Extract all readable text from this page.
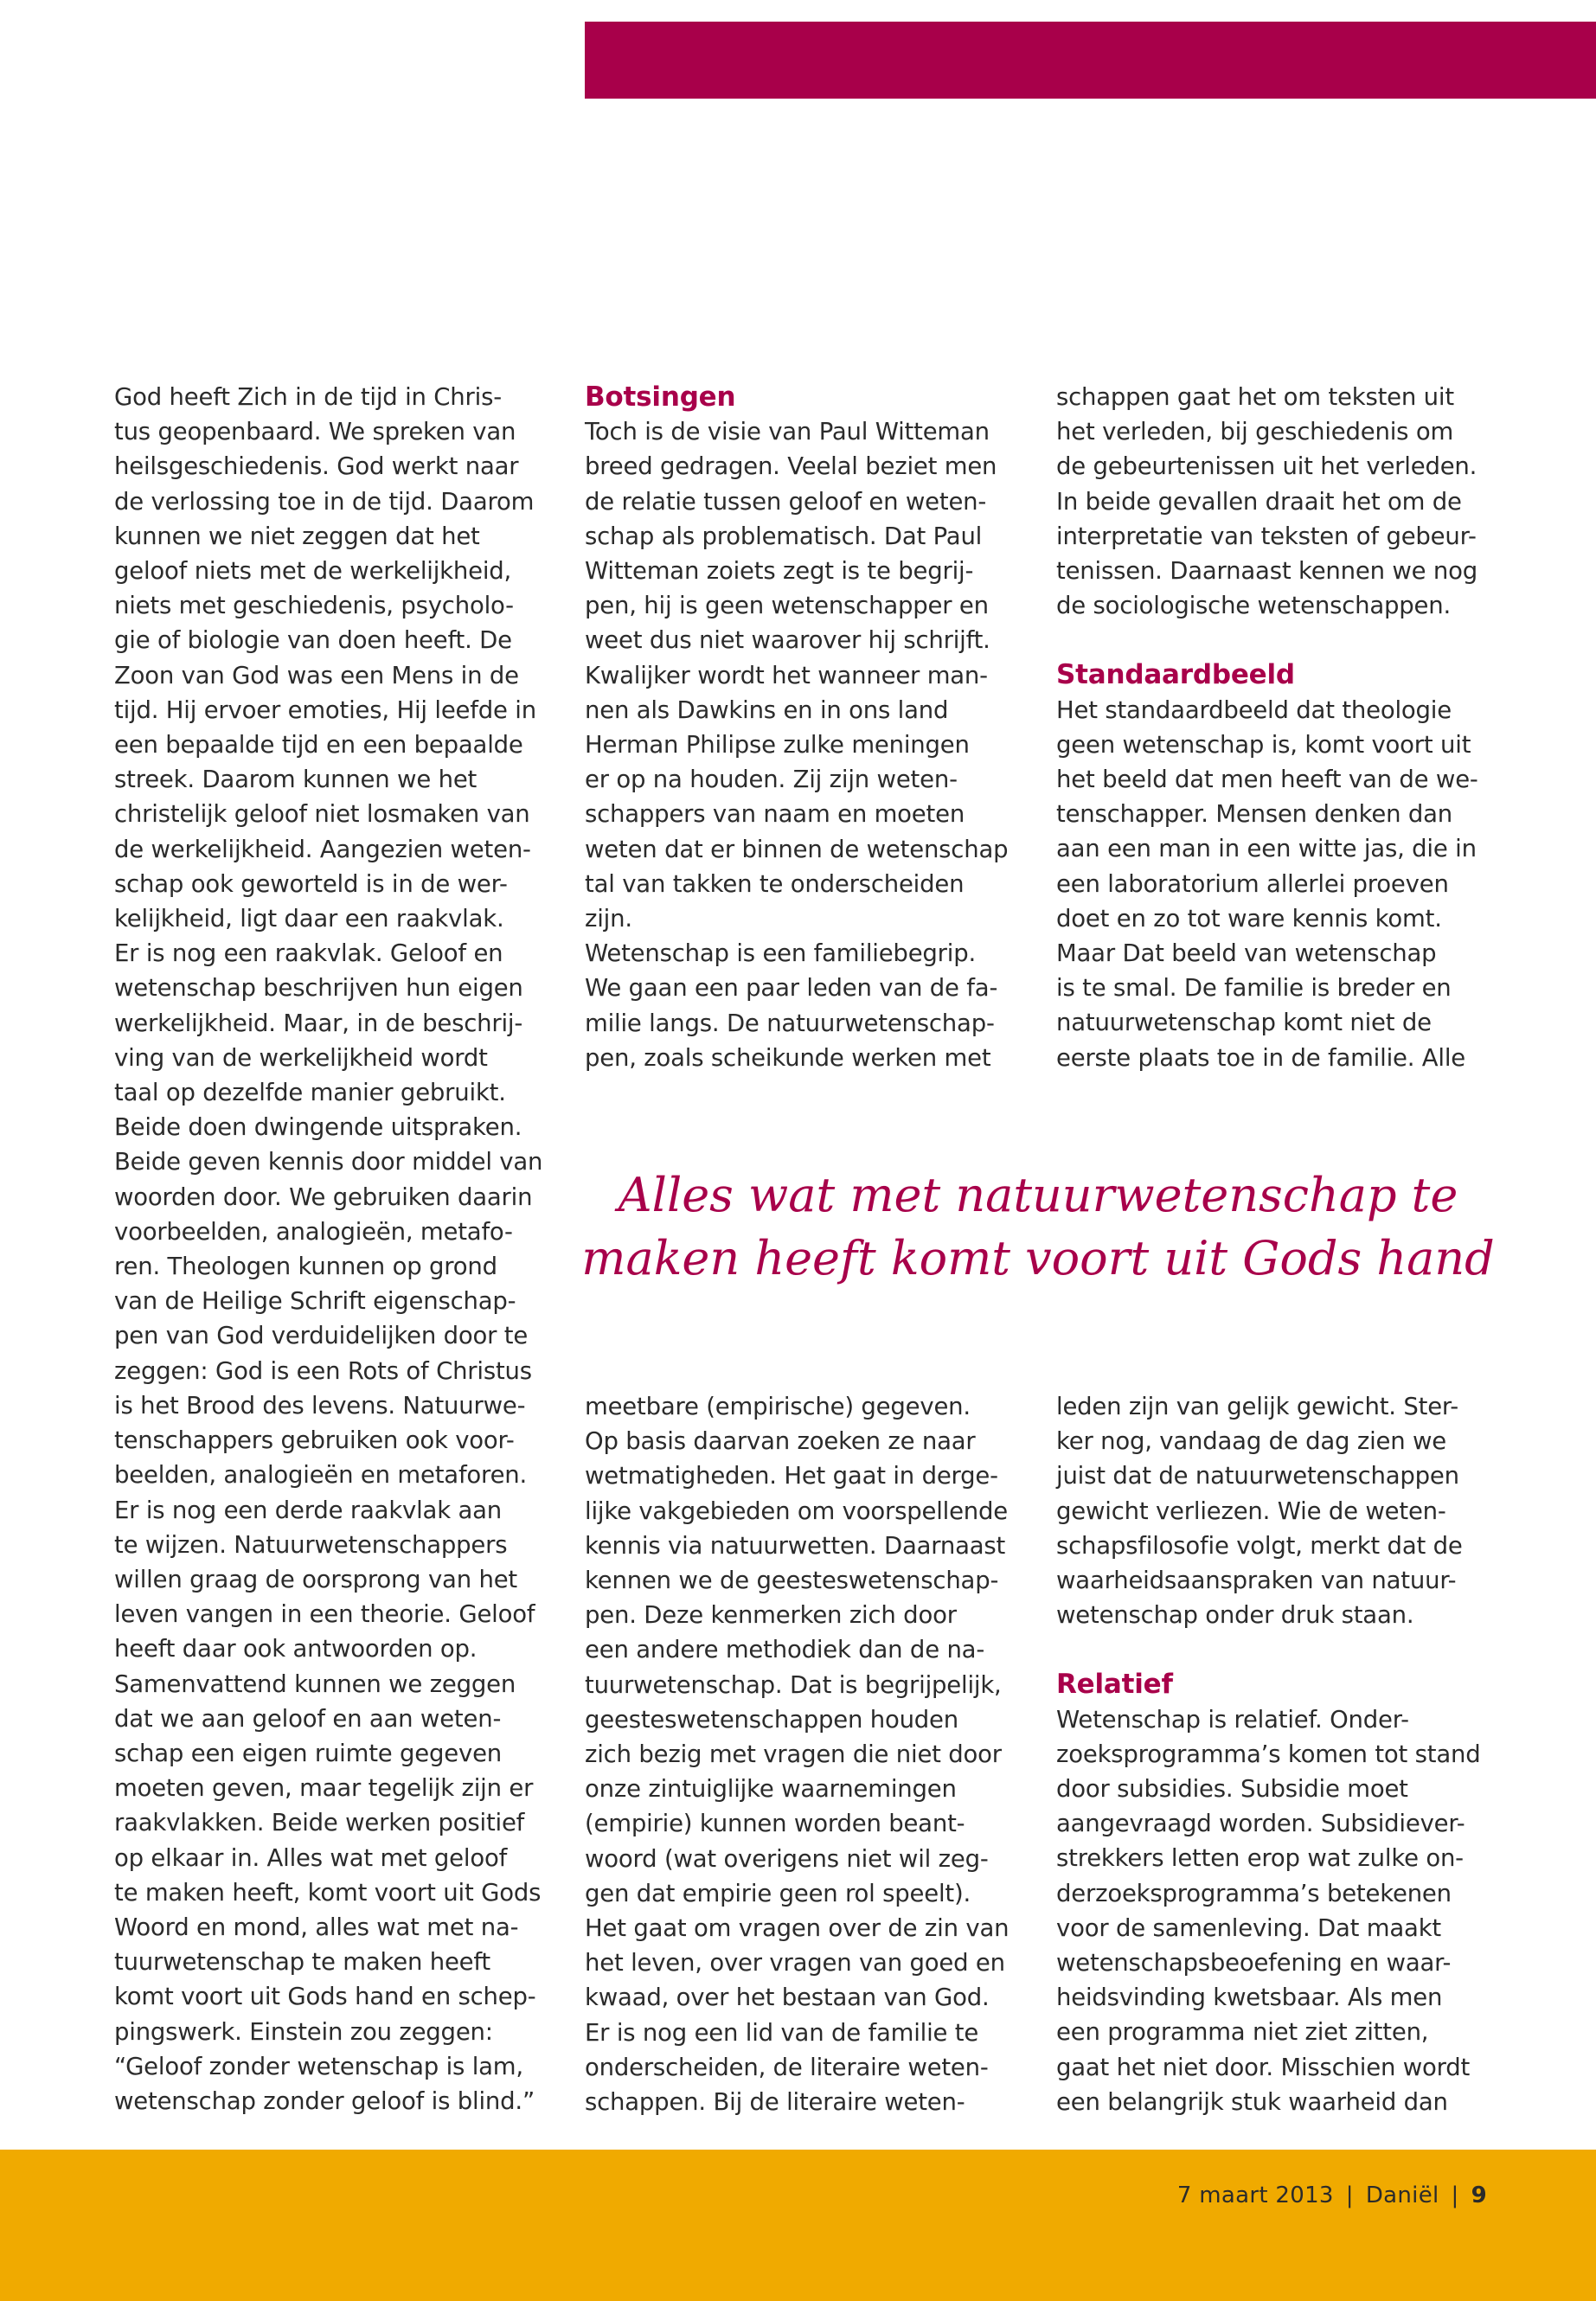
God heeft Zich in de tijd in Chris-

tus geopenbaard. We spreken van

heilsgeschiedenis. God werkt naar

de verlossing toe in de tijd. Daarom

kunnen we niet zeggen dat het

geloof niets met de werkelijkheid,

niets met geschiedenis, psycholo-

gie of biologie van doen heeft. De

Zoon van God was een Mens in de

tijd. Hij ervoer emoties, Hij leefde in

een bepaalde tijd en een bepaalde

streek. Daarom kunnen we het

christelijk geloof niet losmaken van

de werkelijkheid. Aangezien weten-

schap ook geworteld is in de wer-

kelijkheid, ligt daar een raakvlak.

Er is nog een raakvlak. Geloof en

wetenschap beschrijven hun eigen

werkelijkheid. Maar, in de beschrij-

ving van de werkelijkheid wordt

taal op dezelfde manier gebruikt.

Beide doen dwingende uitspraken.

Beide geven kennis door middel van

woorden door. We gebruiken daarin

voorbeelden, analogieën, metafo-

ren. Theologen kunnen op grond

van de Heilige Schrift eigenschap-

pen van God verduidelijken door te

zeggen: God is een Rots of Christus

is het Brood des levens. Natuurwe-

tenschappers gebruiken ook voor-

beelden, analogieën en metaforen.

Er is nog een derde raakvlak aan

te wijzen. Natuurwetenschappers

willen graag de oorsprong van het

leven vangen in een theorie. Geloof

heeft daar ook antwoorden op.

Samenvattend kunnen we zeggen

dat we aan geloof en aan weten-

schap een eigen ruimte gegeven

moeten geven, maar tegelijk zijn er

raakvlakken. Beide werken positief

op elkaar in. Alles wat met geloof

te maken heeft, komt voort uit Gods

Woord en mond, alles wat met na-

tuurwetenschap te maken heeft

komt voort uit Gods hand en schep-

pingswerk. Einstein zou zeggen:

“Geloof zonder wetenschap is lam,

wetenschap zonder geloof is blind.”

Botsingen

Toch is de visie van Paul Witteman

breed gedragen. Veelal beziet men

de relatie tussen geloof en weten-

schap als problematisch. Dat Paul

Witteman zoiets zegt is te begrij-

pen, hij is geen wetenschapper en

weet dus niet waarover hij schrijft.

Kwalijker wordt het wanneer man-

nen als Dawkins en in ons land

Herman Philipse zulke meningen

er op na houden. Zij zijn weten-

schappers van naam en moeten

weten dat er binnen de wetenschap

tal van takken te onderscheiden

zijn.

Wetenschap is een familiebegrip.

We gaan een paar leden van de fa-

milie langs. De natuurwetenschap-

pen, zoals scheikunde werken met

schappen gaat het om teksten uit

het verleden, bij geschiedenis om

de gebeurtenissen uit het verleden.

In beide gevallen draait het om de

interpretatie van teksten of gebeur-

tenissen. Daarnaast kennen we nog

de sociologische wetenschappen.

Standaardbeeld

Het standaardbeeld dat theologie

geen wetenschap is, komt voort uit

het beeld dat men heeft van de we-

tenschapper. Mensen denken dan

aan een man in een witte jas, die in

een laboratorium allerlei proeven

doet en zo tot ware kennis komt.

Maar Dat beeld van wetenschap

is te smal. De familie is breder en

natuurwetenschap komt niet de

eerste plaats toe in de familie. Alle

Alles wat met natuurwetenschap te

maken heeft komt voort uit Gods hand

meetbare (empirische) gegeven.

Op basis daarvan zoeken ze naar

wetmatigheden. Het gaat in derge-

lijke vakgebieden om voorspellende

kennis via natuurwetten. Daarnaast

kennen we de geesteswetenschap-

pen. Deze kenmerken zich door

een andere methodiek dan de na-

tuurwetenschap. Dat is begrijpelijk,

geesteswetenschappen houden

zich bezig met vragen die niet door

onze zintuiglijke waarnemingen

(empirie) kunnen worden beant-

woord (wat overigens niet wil zeg-

gen dat empirie geen rol speelt).

Het gaat om vragen over de zin van

het leven, over vragen van goed en

kwaad, over het bestaan van God.

Er is nog een lid van de familie te

onderscheiden, de literaire weten-

schappen. Bij de literaire weten-

leden zijn van gelijk gewicht. Ster-

ker nog, vandaag de dag zien we

juist dat de natuurwetenschappen

gewicht verliezen. Wie de weten-

schapsfilosofie volgt, merkt dat de

waarheidsaanspraken van natuur-

wetenschap onder druk staan.

Relatief

Wetenschap is relatief. Onder-

zoeksprogramma’s komen tot stand

door subsidies. Subsidie moet

aangevraagd worden. Subsidiever-

strekkers letten erop wat zulke on-

derzoeksprogramma’s betekenen

voor de samenleving. Dat maakt

wetenschapsbeoefening en waar-

heidsvinding kwetsbaar. Als men

een programma niet ziet zitten,

gaat het niet door. Misschien wordt

een belangrijk stuk waarheid dan

7 maart 2013 | Daniël | 9
